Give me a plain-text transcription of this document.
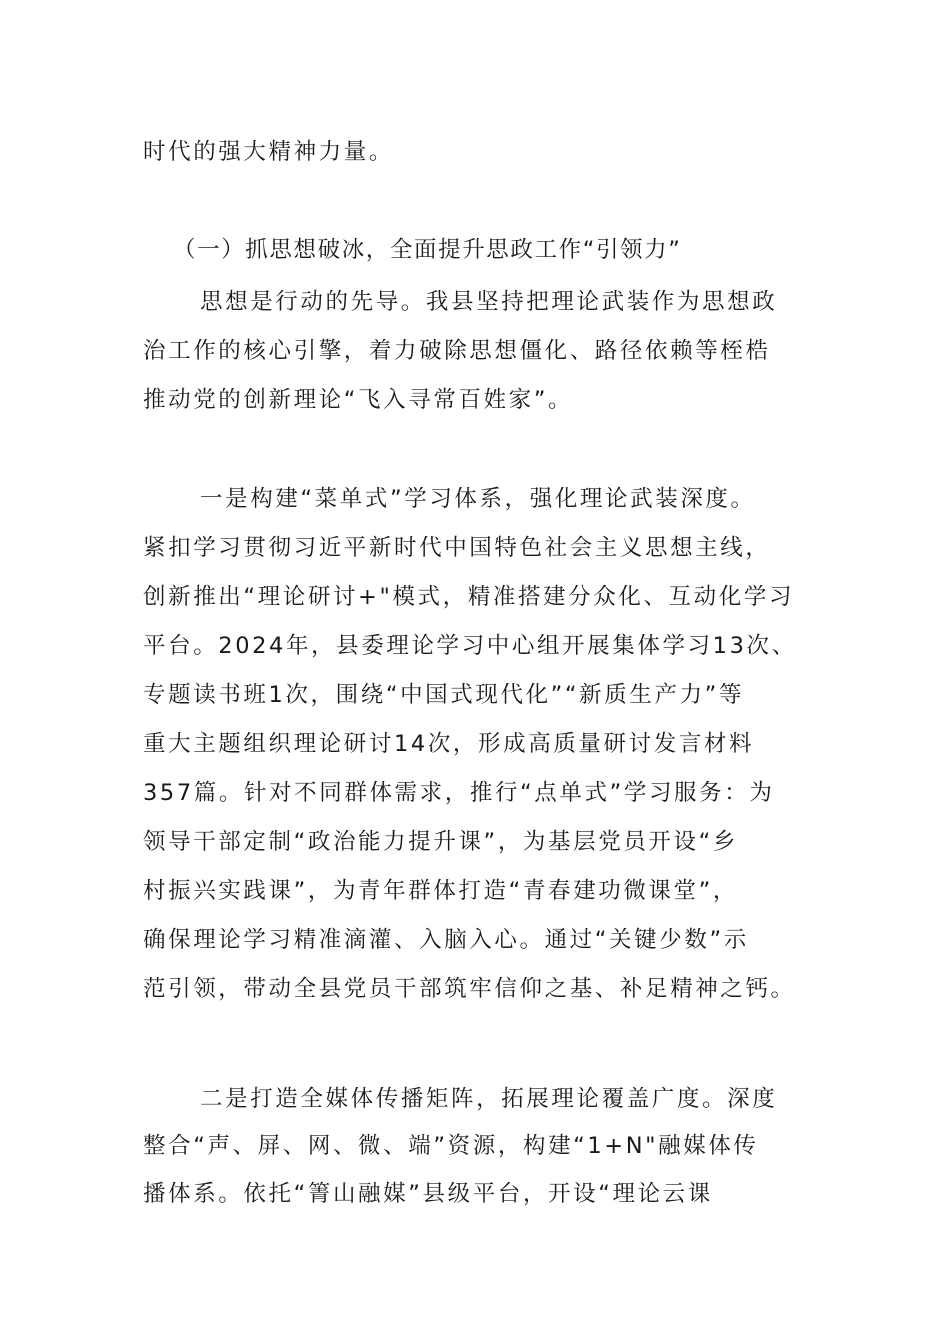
时代的强大精神力量。
（一）抓思想破冰，全面提升思政工作“引领力”
思想是行动的先导。我县坚持把理论武装作为思想政
治工作的核心引擎，着力破除思想僵化、路径依赖等桎梏
推动党的创新理论“飞入寻常百姓家”。
一是构建“菜单式”学习体系，强化理论武装深度。
紧扣学习贯彻习近平新时代中国特色社会主义思想主线，
创新推出“理论研讨+"模式，精准搭建分众化、互动化学习
平台。2024年，县委理论学习中心组开展集体学习13次、
专题读书班1次，围绕“中国式现代化”“新质生产力”等
重大主题组织理论研讨14次，形成高质量研讨发言材料
357篇。针对不同群体需求，推行“点单式”学习服务：为
领导干部定制“政治能力提升课”，为基层党员开设“乡
村振兴实践课”，为青年群体打造“青春建功微课堂”，
确保理论学习精准滴灌、入脑入心。通过“关键少数”示
范引领，带动全县党员干部筑牢信仰之基、补足精神之钙。
二是打造全媒体传播矩阵，拓展理论覆盖广度。深度
整合“声、屏、网、微、端”资源，构建“1+N"融媒体传
播体系。依托“箐山融媒”县级平台，开设“理论云课
